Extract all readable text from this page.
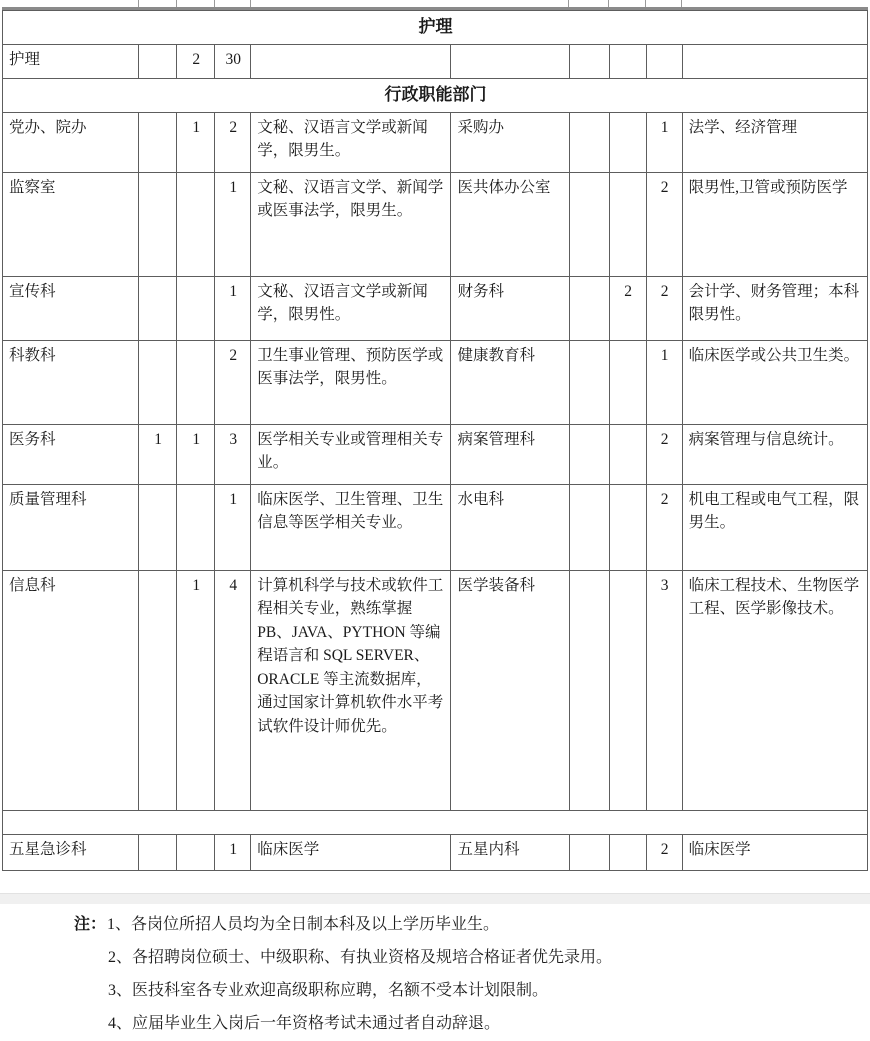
护理									
护理		2	30						
行政职能部门									
党办、院办		1	2	文秘、汉语言文学或新闻学，限男生。	采购办			1	法学、经济管理
监察室			1	文秘、汉语言文学、新闻学或医事法学，限男生。	医共体办公室			2	限男性,卫管或预防医学
宣传科			1	文秘、汉语言文学或新闻学，限男性。	财务科		2	2	会计学、财务管理；本科限男性。
科教科			2	卫生事业管理、预防医学或医事法学，限男性。	健康教育科			1	临床医学或公共卫生类。
医务科	1	1	3	医学相关专业或管理相关专业。	病案管理科			2	病案管理与信息统计。
质量管理科			1	临床医学、卫生管理、卫生信息等医学相关专业。	水电科			2	机电工程或电气工程，限男生。
信息科		1	4	计算机科学与技术或软件工程相关专业，熟练掌握 PB、JAVA、PYTHON 等编程语言和 SQL SERVER、ORACLE 等主流数据库，通过国家计算机软件水平考试软件设计师优先。	医学装备科			3	临床工程技术、生物医学工程、医学影像技术。

五星急诊科			1	临床医学	五星内科			2	临床医学
注： 1、各岗位所招人员均为全日制本科及以上学历毕业生。
2、各招聘岗位硕士、中级职称、有执业资格及规培合格证者优先录用。
3、医技科室各专业欢迎高级职称应聘，名额不受本计划限制。
4、应届毕业生入岗后一年资格考试未通过者自动辞退。
